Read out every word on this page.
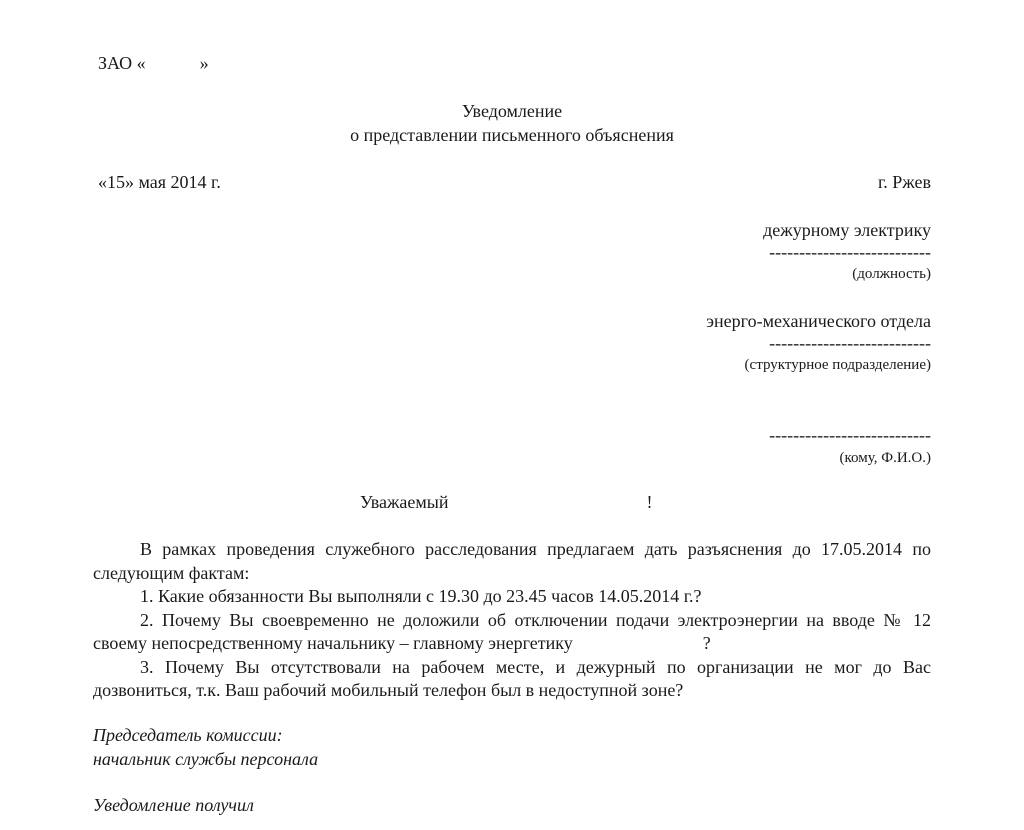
ЗАО «	»
Уведомление
о представлении письменного объяснения
«15» мая 2014 г.	г. Ржев
дежурному электрику
---------------------------
(должность)
энерго-механического отдела
---------------------------
(структурное подразделение)
---------------------------
(кому, Ф.И.О.)
Уважаемый	!

В рамках проведения служебного расследования предлагаем дать разъяснения до 17.05.2014 по следующим фактам:

1. Какие обязанности Вы выполняли с 19.30 до 23.45 часов 14.05.2014 г.?

2. Почему Вы своевременно не доложили об отключении подачи электроэнергии на вводе № 12 своему непосредственному начальнику – главному энергетику	?

3. Почему Вы отсутствовали на рабочем месте, и дежурный по организации не мог до Вас дозвониться, т.к. Ваш рабочий мобильный телефон был в недоступной зоне?

Председатель комиссии:
начальник службы персонала
Уведомление получил
